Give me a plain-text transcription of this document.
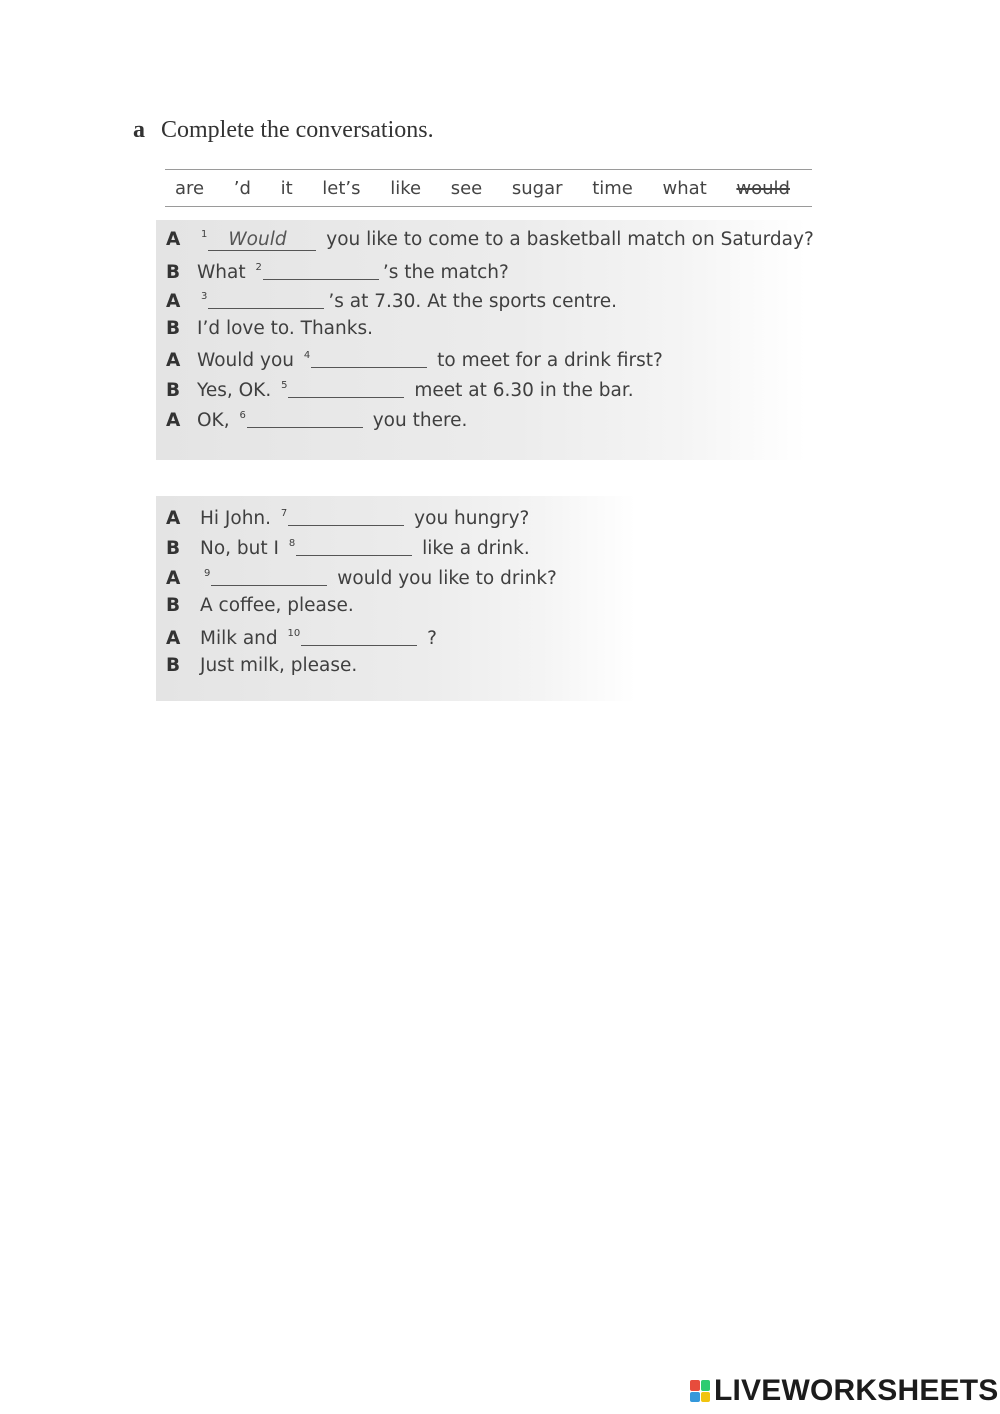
a Complete the conversations.
are ’d it let’s like see sugar time what would
A	1	Would	you like to come to a basketball match on Saturday?
B What 2	’s the match?
A	3	’s at 7.30. At the sports centre.
B I’d love to. Thanks.
A Would you 4	to meet for a drink first?
B Yes, OK. 5	meet at 6.30 in the bar.
A OK, 6	you there.
A	Hi John. 7	you hungry?
B	No, but I 8	like a drink.
A	9	would you like to drink?
B	A coffee, please.
A	Milk and 10	?
B	Just milk, please.
LIVEWORKSHEETS
